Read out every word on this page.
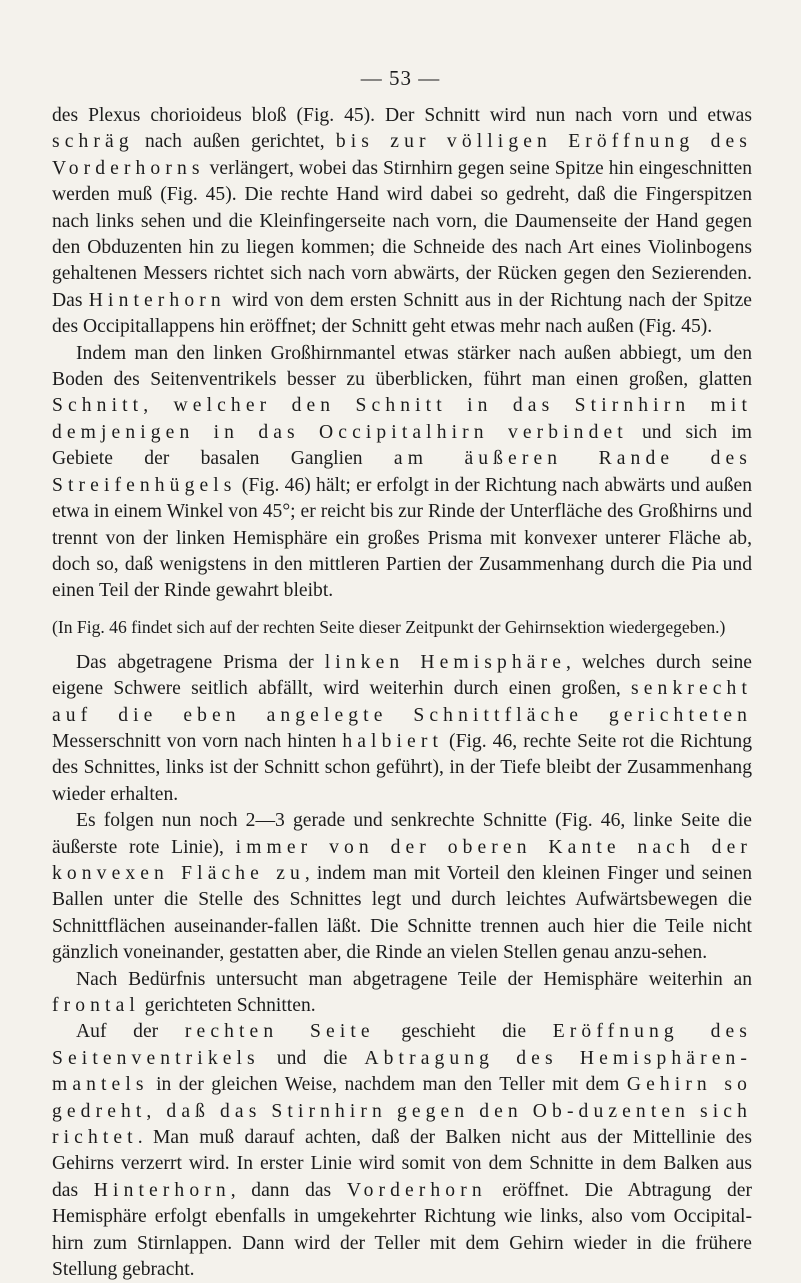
— 53 —

des Plexus chorioideus bloß (Fig. 45). Der Schnitt wird nun nach vorn und etwas schräg nach außen gerichtet, bis zur völligen Eröffnung des Vorderhorns verlängert, wobei das Stirnhirn gegen seine Spitze hin eingeschnitten werden muß (Fig. 45). Die rechte Hand wird dabei so gedreht, daß die Fingerspitzen nach links sehen und die Kleinfingerseite nach vorn, die Daumenseite der Hand gegen den Obduzenten hin zu liegen kommen; die Schneide des nach Art eines Violinbogens gehaltenen Messers richtet sich nach vorn abwärts, der Rücken gegen den Sezierenden. Das Hinterhorn wird von dem ersten Schnitt aus in der Richtung nach der Spitze des Occipitallappens hin eröffnet; der Schnitt geht etwas mehr nach außen (Fig. 45).

Indem man den linken Großhirnmantel etwas stärker nach außen abbiegt, um den Boden des Seitenventrikels besser zu überblicken, führt man einen großen, glatten Schnitt, welcher den Schnitt in das Stirnhirn mit demjenigen in das Occipitalhirn verbindet und sich im Gebiete der basalen Ganglien am äußeren Rande des Streifenhügels (Fig. 46) hält; er erfolgt in der Richtung nach abwärts und außen etwa in einem Winkel von 45°; er reicht bis zur Rinde der Unterfläche des Großhirns und trennt von der linken Hemisphäre ein großes Prisma mit konvexer unterer Fläche ab, doch so, daß wenigstens in den mittleren Partien der Zusammenhang durch die Pia und einen Teil der Rinde gewahrt bleibt.

(In Fig. 46 findet sich auf der rechten Seite dieser Zeitpunkt der Gehirnsektion wiedergegeben.)

Das abgetragene Prisma der linken Hemisphäre, welches durch seine eigene Schwere seitlich abfällt, wird weiterhin durch einen großen, senkrecht auf die eben angelegte Schnittfläche gerichteten Messerschnitt von vorn nach hinten halbiert (Fig. 46, rechte Seite rot die Richtung des Schnittes, links ist der Schnitt schon geführt), in der Tiefe bleibt der Zusammenhang wieder erhalten.

Es folgen nun noch 2—3 gerade und senkrechte Schnitte (Fig. 46, linke Seite die äußerste rote Linie), immer von der oberen Kante nach der konvexen Fläche zu, indem man mit Vorteil den kleinen Finger und seinen Ballen unter die Stelle des Schnittes legt und durch leichtes Aufwärtsbewegen die Schnittflächen auseinander-fallen läßt. Die Schnitte trennen auch hier die Teile nicht gänzlich voneinander, gestatten aber, die Rinde an vielen Stellen genau anzu-sehen.

Nach Bedürfnis untersucht man abgetragene Teile der Hemisphäre weiterhin an frontal gerichteten Schnitten.

Auf der rechten Seite geschieht die Eröffnung des Seitenventrikels und die Abtragung des Hemisphären-mantels in der gleichen Weise, nachdem man den Teller mit dem Gehirn so gedreht, daß das Stirnhirn gegen den Ob-duzenten sich richtet. Man muß darauf achten, daß der Balken nicht aus der Mittellinie des Gehirns verzerrt wird. In erster Linie wird somit von dem Schnitte in dem Balken aus das Hinterhorn, dann das Vorderhorn eröffnet. Die Abtragung der Hemisphäre erfolgt ebenfalls in umgekehrter Richtung wie links, also vom Occipital-hirn zum Stirnlappen. Dann wird der Teller mit dem Gehirn wieder in die frühere Stellung gebracht.
